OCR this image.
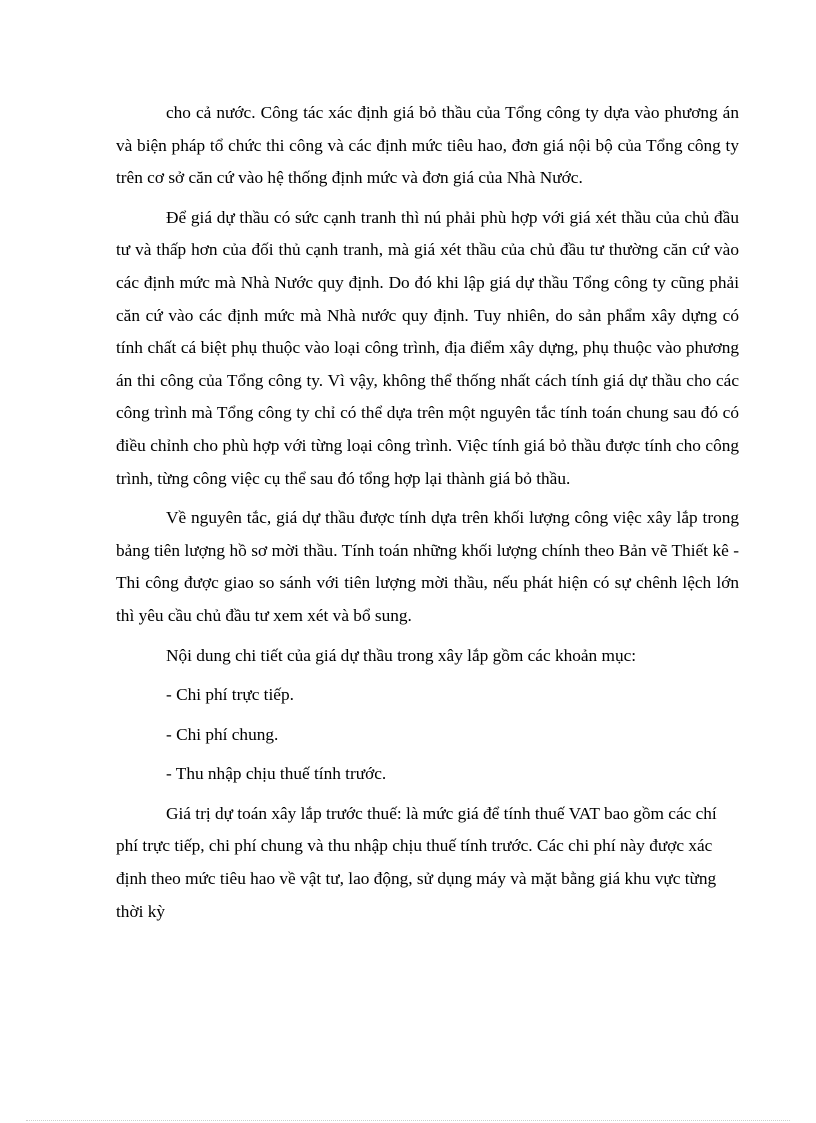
cho cả nước. Công tác xác định giá bỏ thầu của Tổng công ty dựa vào phương án và biện pháp tổ chức thi công và các định mức tiêu hao, đơn giá nội bộ của Tổng công ty trên cơ sở căn cứ vào hệ thống định mức và đơn giá của Nhà Nước.

Để giá dự thầu có sức cạnh tranh thì nú phải phù hợp với giá xét thầu của chủ đầu tư và thấp hơn của đối thủ cạnh tranh, mà giá xét thầu của chủ đầu tư thường căn cứ vào các định mức mà Nhà Nước quy định. Do đó khi lập giá dự thầu Tổng công ty cũng phải căn cứ vào các định mức mà Nhà nước quy định. Tuy nhiên, do sản phẩm xây dựng có tính chất cá biệt phụ thuộc vào loại công trình, địa điểm xây dựng, phụ thuộc vào phương án thi công của Tổng công ty. Vì vậy, không thể thống nhất cách tính giá dự thầu cho các công trình mà Tổng công ty chỉ có thể dựa trên một nguyên tắc tính toán chung sau đó có điều chỉnh cho phù hợp với từng loại công trình. Việc tính giá bỏ thầu được tính cho công trình, từng công việc cụ thể sau đó tổng hợp lại thành giá bỏ thầu.

Về nguyên tắc, giá dự thầu được tính dựa trên khối lượng công việc xây lắp trong bảng tiên lượng hồ sơ mời thầu. Tính toán những khối lượng chính theo Bản vẽ Thiết kê - Thi công được giao so sánh với tiên lượng mời thầu, nếu phát hiện có sự chênh lệch lớn thì yêu cầu chủ đầu tư xem xét và bổ sung.

Nội dung chi tiết của giá dự thầu trong xây lắp gồm các khoản mục:

- Chi phí trực tiếp.

- Chi phí chung.

- Thu nhập chịu thuế tính trước.

Giá trị dự toán xây lắp trước thuế: là mức giá để tính thuế VAT bao gồm các chí phí trực tiếp, chi phí chung và thu nhập chịu thuế tính trước. Các chi phí này được xác định theo mức tiêu hao về vật tư, lao động, sử dụng máy và mặt bằng giá khu vực từng thời kỳ
